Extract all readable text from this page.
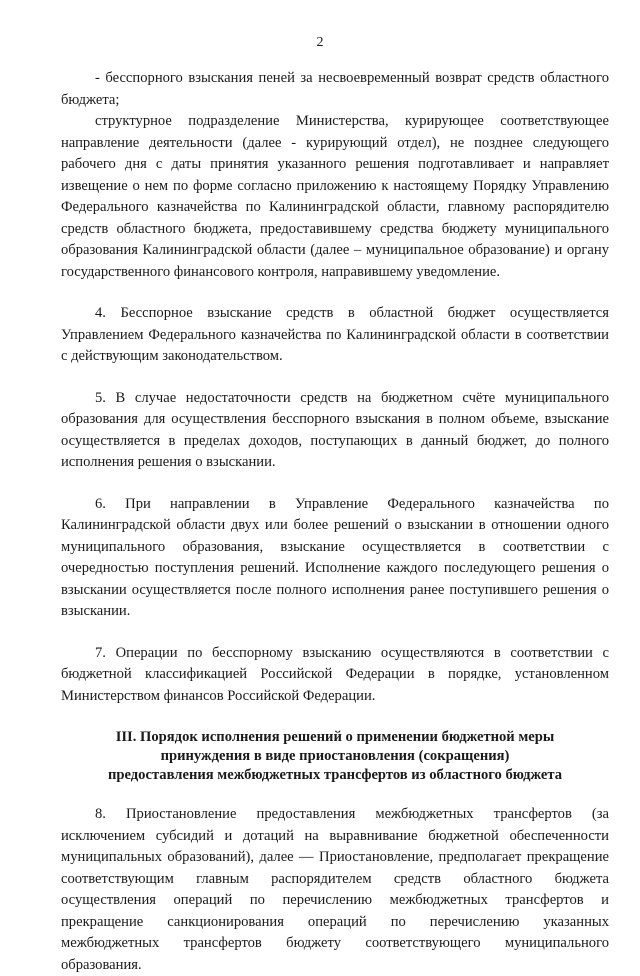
2

- бесспорного взыскания пеней за несвоевременный возврат средств областного бюджета;

структурное подразделение Министерства, курирующее соответствующее направление деятельности (далее - курирующий отдел), не позднее следующего рабочего дня с даты принятия указанного решения подготавливает и направляет извещение о нем по форме согласно приложению к настоящему Порядку Управлению Федерального казначейства по Калининградской области, главному распорядителю средств областного бюджета, предоставившему средства бюджету муниципального образования Калининградской области (далее – муниципальное образование) и органу государственного финансового контроля, направившему уведомление.

4. Бесспорное взыскание средств в областной бюджет осуществляется Управлением Федерального казначейства по Калининградской области в соответствии с действующим законодательством.

5. В случае недостаточности средств на бюджетном счёте муниципального образования для осуществления бесспорного взыскания в полном объеме, взыскание осуществляется в пределах доходов, поступающих в данный бюджет, до полного исполнения решения о взыскании.

6. При направлении в Управление Федерального казначейства по Калининградской области двух или более решений о взыскании в отношении одного муниципального образования, взыскание осуществляется в соответствии с очередностью поступления решений. Исполнение каждого последующего решения о взыскании осуществляется после полного исполнения ранее поступившего решения о взыскании.

7. Операции по бесспорному взысканию осуществляются в соответствии с бюджетной классификацией Российской Федерации в порядке, установленном Министерством финансов Российской Федерации.

III. Порядок исполнения решений о применении бюджетной меры
принуждения в виде приостановления (сокращения)
предоставления межбюджетных трансфертов из областного бюджета

8. Приостановление предоставления межбюджетных трансфертов (за исключением субсидий и дотаций на выравнивание бюджетной обеспеченности муниципальных образований), далее — Приостановление, предполагает прекращение соответствующим главным распорядителем средств областного бюджета осуществления операций по перечислению межбюджетных трансфертов и прекращение санкционирования операций по перечислению указанных межбюджетных трансфертов бюджету соответствующего муниципального образования.
